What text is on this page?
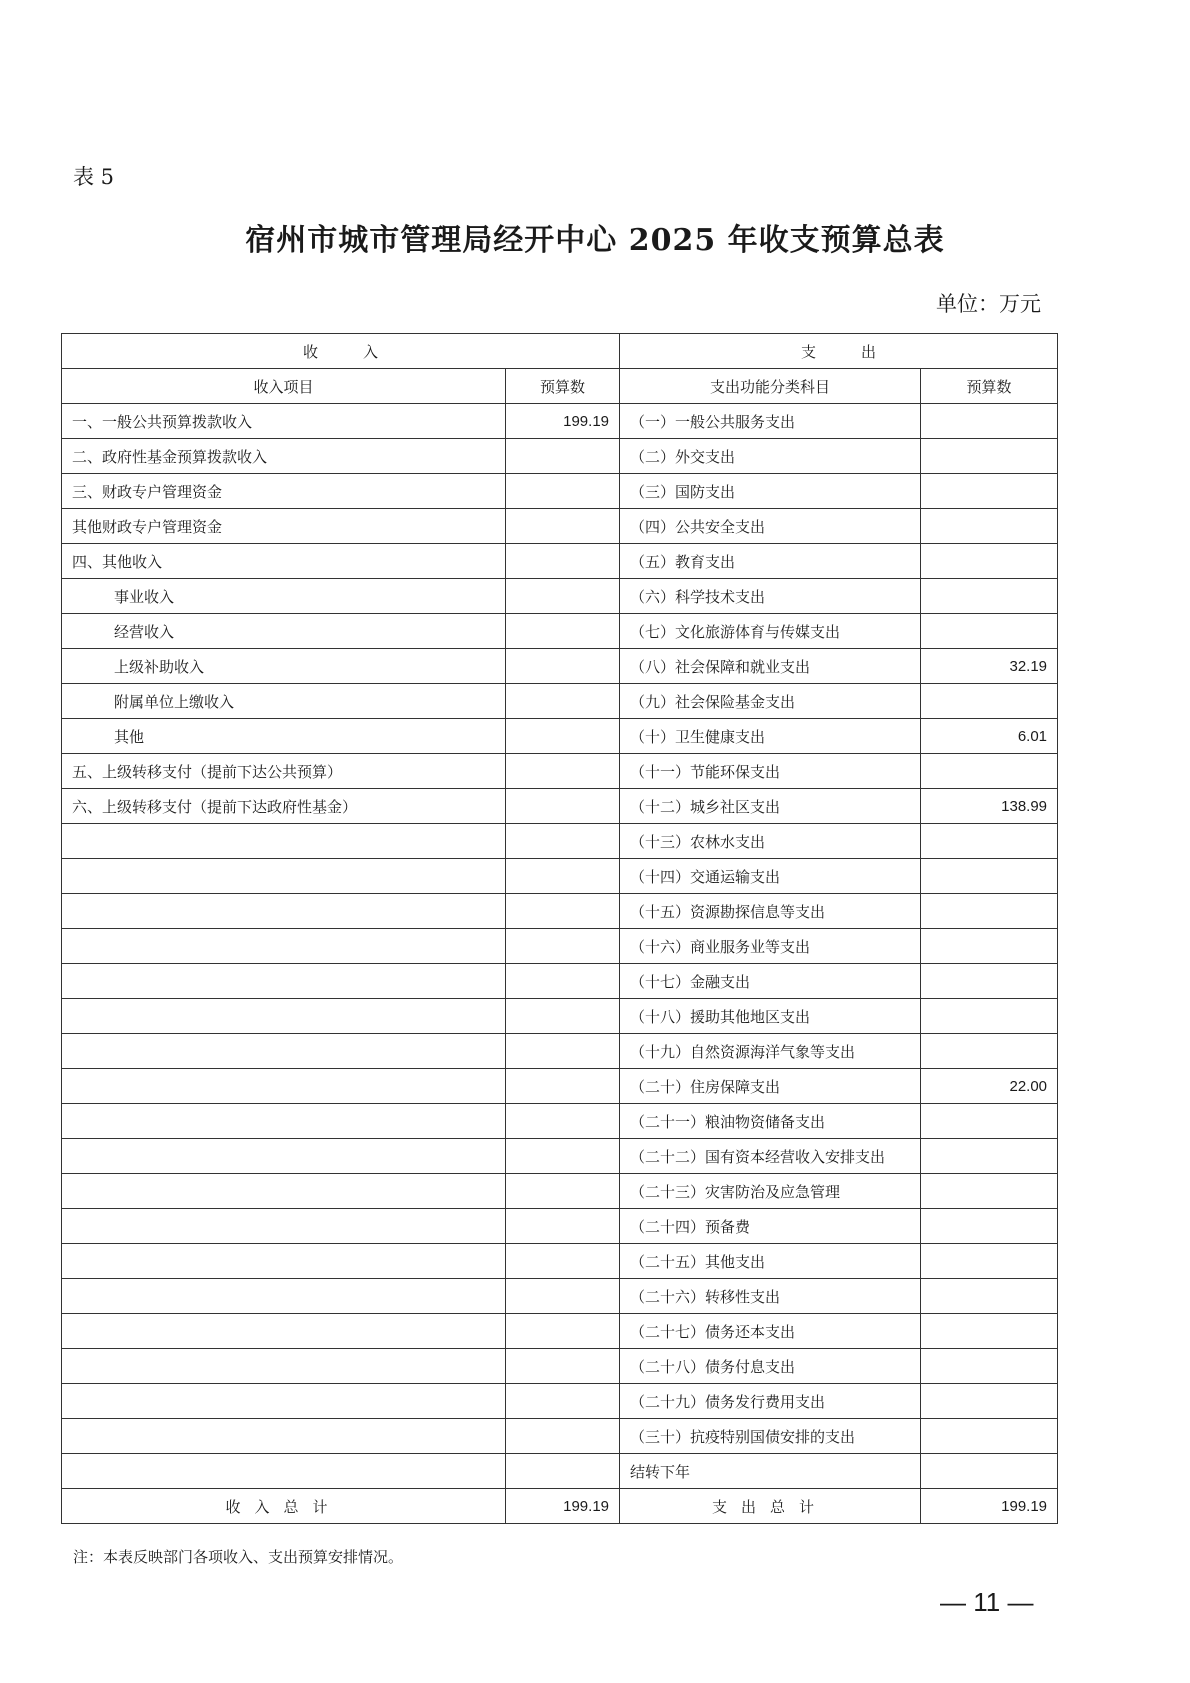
表 5
宿州市城市管理局经开中心 2025 年收支预算总表
单位：万元
收　　　入		支　　　出	
收入项目	预算数	支出功能分类科目	预算数
一、一般公共预算拨款收入	199.19	（一）一般公共服务支出	
二、政府性基金预算拨款收入		（二）外交支出	
三、财政专户管理资金		（三）国防支出	
其他财政专户管理资金		（四）公共安全支出	
四、其他收入		（五）教育支出	
事业收入		（六）科学技术支出	
经营收入		（七）文化旅游体育与传媒支出	
上级补助收入		（八）社会保障和就业支出	32.19
附属单位上缴收入		（九）社会保险基金支出	
其他		（十）卫生健康支出	6.01
五、上级转移支付（提前下达公共预算）		（十一）节能环保支出	
六、上级转移支付（提前下达政府性基金）		（十二）城乡社区支出	138.99
		（十三）农林水支出	
		（十四）交通运输支出	
		（十五）资源勘探信息等支出	
		（十六）商业服务业等支出	
		（十七）金融支出	
		（十八）援助其他地区支出	
		（十九）自然资源海洋气象等支出	
		（二十）住房保障支出	22.00
		（二十一）粮油物资储备支出	
		（二十二）国有资本经营收入安排支出	
		（二十三）灾害防治及应急管理	
		（二十四）预备费	
		（二十五）其他支出	
		（二十六）转移性支出	
		（二十七）债务还本支出	
		（二十八）债务付息支出	
		（二十九）债务发行费用支出	
		（三十）抗疫特别国债安排的支出	
		结转下年	
收入总计	199.19	支出总计	199.19
注：本表反映部门各项收入、支出预算安排情况。
— 11 —
